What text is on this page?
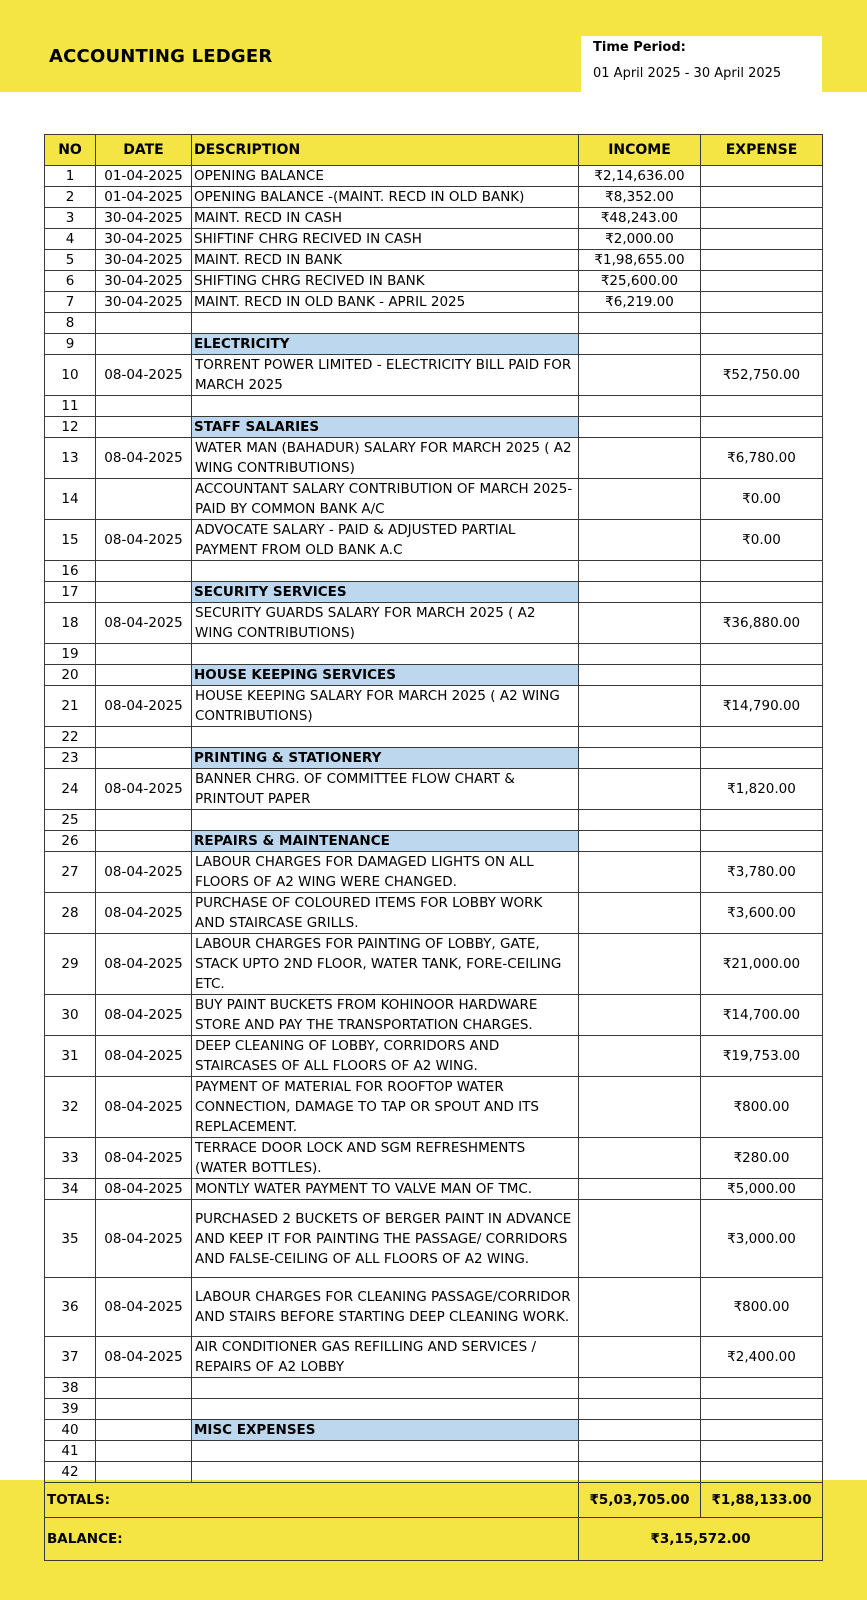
ACCOUNTING LEDGER	Time Period:
01 April 2025 - 30 April 2025
NO	DATE	DESCRIPTION	INCOME	EXPENSE
1	01-04-2025	OPENING BALANCE	₹2,14,636.00	
2	01-04-2025	OPENING BALANCE -(MAINT. RECD IN OLD BANK)	₹8,352.00	
3	30-04-2025	MAINT. RECD IN CASH	₹48,243.00	
4	30-04-2025	SHIFTINF CHRG RECIVED IN CASH	₹2,000.00	
5	30-04-2025	MAINT. RECD IN BANK	₹1,98,655.00	
6	30-04-2025	SHIFTING CHRG RECIVED IN BANK	₹25,600.00	
7	30-04-2025	MAINT. RECD IN OLD BANK - APRIL 2025	₹6,219.00	
8				
9		ELECTRICITY		
10	08-04-2025	TORRENT POWER LIMITED - ELECTRICITY BILL PAID FOR MARCH 2025		₹52,750.00
11				
12		STAFF SALARIES		
13	08-04-2025	WATER MAN (BAHADUR) SALARY FOR MARCH 2025 ( A2 WING CONTRIBUTIONS)		₹6,780.00
14		ACCOUNTANT SALARY CONTRIBUTION OF MARCH 2025- PAID BY COMMON BANK A/C		₹0.00
15	08-04-2025	ADVOCATE SALARY - PAID & ADJUSTED PARTIAL PAYMENT FROM OLD BANK A.C		₹0.00
16				
17		SECURITY SERVICES		
18	08-04-2025	SECURITY GUARDS SALARY FOR MARCH 2025 ( A2 WING CONTRIBUTIONS)		₹36,880.00
19				
20		HOUSE KEEPING SERVICES		
21	08-04-2025	HOUSE KEEPING SALARY FOR MARCH 2025 ( A2 WING CONTRIBUTIONS)		₹14,790.00
22				
23		PRINTING & STATIONERY		
24	08-04-2025	BANNER CHRG. OF COMMITTEE FLOW CHART & PRINTOUT PAPER		₹1,820.00
25				
26		REPAIRS & MAINTENANCE		
27	08-04-2025	LABOUR CHARGES FOR DAMAGED LIGHTS ON ALL FLOORS OF A2 WING WERE CHANGED.		₹3,780.00
28	08-04-2025	PURCHASE OF COLOURED ITEMS FOR LOBBY WORK AND STAIRCASE GRILLS.		₹3,600.00
29	08-04-2025	LABOUR CHARGES FOR PAINTING OF LOBBY, GATE, STACK UPTO 2ND FLOOR, WATER TANK, FORE-CEILING ETC.		₹21,000.00
30	08-04-2025	BUY PAINT BUCKETS FROM KOHINOOR HARDWARE STORE AND PAY THE TRANSPORTATION CHARGES.		₹14,700.00
31	08-04-2025	DEEP CLEANING OF LOBBY, CORRIDORS AND STAIRCASES OF ALL FLOORS OF A2 WING.		₹19,753.00
32	08-04-2025	PAYMENT OF MATERIAL FOR ROOFTOP WATER CONNECTION, DAMAGE TO TAP OR SPOUT AND ITS REPLACEMENT.		₹800.00
33	08-04-2025	TERRACE DOOR LOCK AND SGM REFRESHMENTS (WATER BOTTLES).		₹280.00
34	08-04-2025	MONTLY WATER PAYMENT TO VALVE MAN OF TMC.		₹5,000.00
35	08-04-2025	PURCHASED 2 BUCKETS OF BERGER PAINT IN ADVANCE AND KEEP IT FOR PAINTING THE PASSAGE/ CORRIDORS AND FALSE-CEILING OF ALL FLOORS OF A2 WING.		₹3,000.00
36	08-04-2025	LABOUR CHARGES FOR CLEANING PASSAGE/CORRIDOR AND STAIRS BEFORE STARTING DEEP CLEANING WORK.		₹800.00
37	08-04-2025	AIR CONDITIONER GAS REFILLING AND SERVICES / REPAIRS OF A2 LOBBY		₹2,400.00
38				
39				
40		MISC EXPENSES		
41				
42				
TOTALS:			₹5,03,705.00	₹1,88,133.00
BALANCE:			₹3,15,572.00	
